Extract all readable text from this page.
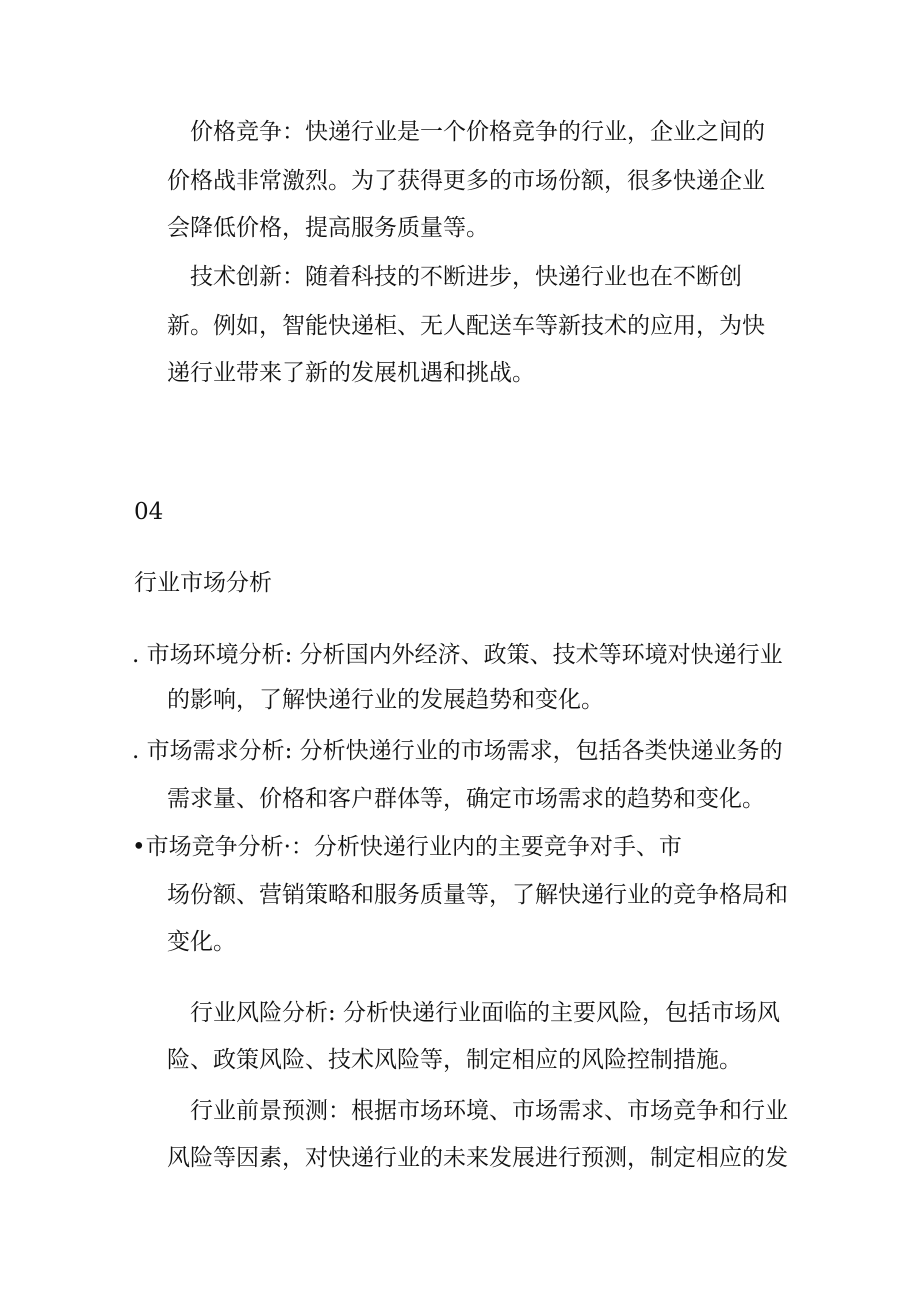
价格竞争：快递行业是一个价格竞争的行业，企业之间的
价格战非常激烈。为了获得更多的市场份额，很多快递企业
会降低价格，提高服务质量等。
技术创新：随着科技的不断进步，快递行业也在不断创
新。例如，智能快递柜、无人配送车等新技术的应用，为快
递行业带来了新的发展机遇和挑战。
04
行业市场分析
. 市场环境分析: 分析国内外经济、政策、技术等环境对快递行业
的影响，了解快递行业的发展趋势和变化。
. 市场需求分析: 分析快递行业的市场需求，包括各类快递业务的
需求量、价格和客户群体等，确定市场需求的趋势和变化。
•市场竞争分析·：分析快递行业内的主要竞争对手、市
场份额、营销策略和服务质量等，了解快递行业的竞争格局和
变化。
行业风险分析: 分析快递行业面临的主要风险，包括市场风
险、政策风险、技术风险等，制定相应的风险控制措施。
行业前景预测：根据市场环境、市场需求、市场竞争和行业
风险等因素，对快递行业的未来发展进行预测，制定相应的发
